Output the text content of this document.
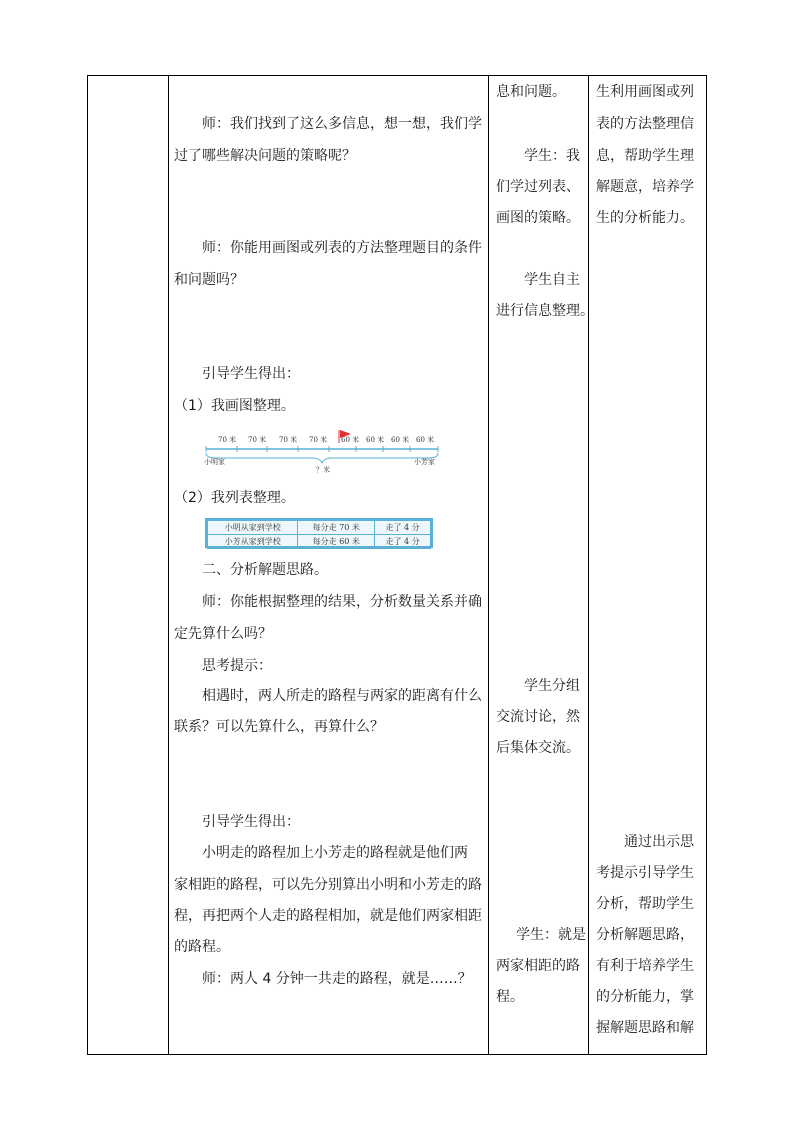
师：我们找到了这么多信息，想一想，我们学
过了哪些解决问题的策略呢？
师：你能用画图或列表的方法整理题目的条件
和问题吗？
引导学生得出：
（1）我画图整理。
（2）我列表整理。
二、分析解题思路。
师：你能根据整理的结果，分析数量关系并确
定先算什么吗？
思考提示：
相遇时，两人所走的路程与两家的距离有什么
联系？可以先算什么，再算什么？
引导学生得出：
小明走的路程加上小芳走的路程就是他们两
家相距的路程，可以先分别算出小明和小芳走的路
程，再把两个人走的路程相加，就是他们两家相距
的路程。
师：两人 4 分钟一共走的路程，就是……？
70 米 70 米 70 米 70 米 60 米 60 米 60 米 60 米
小明家	小芳家
？米
小明从家到学校	每分走 70 米	走了 4 分
小芳从家到学校	每分走 60 米	走了 4 分
息和问题。
学生：我
们学过列表、
画图的策略。
学生自主
进行信息整理。
学生分组
交流讨论，然
后集体交流。
学生：就是
两家相距的路
程。
生利用画图或列
表的方法整理信
息，帮助学生理
解题意，培养学
生的分析能力。
通过出示思
考提示引导学生
分析，帮助学生
分析解题思路，
有利于培养学生
的分析能力，掌
握解题思路和解
